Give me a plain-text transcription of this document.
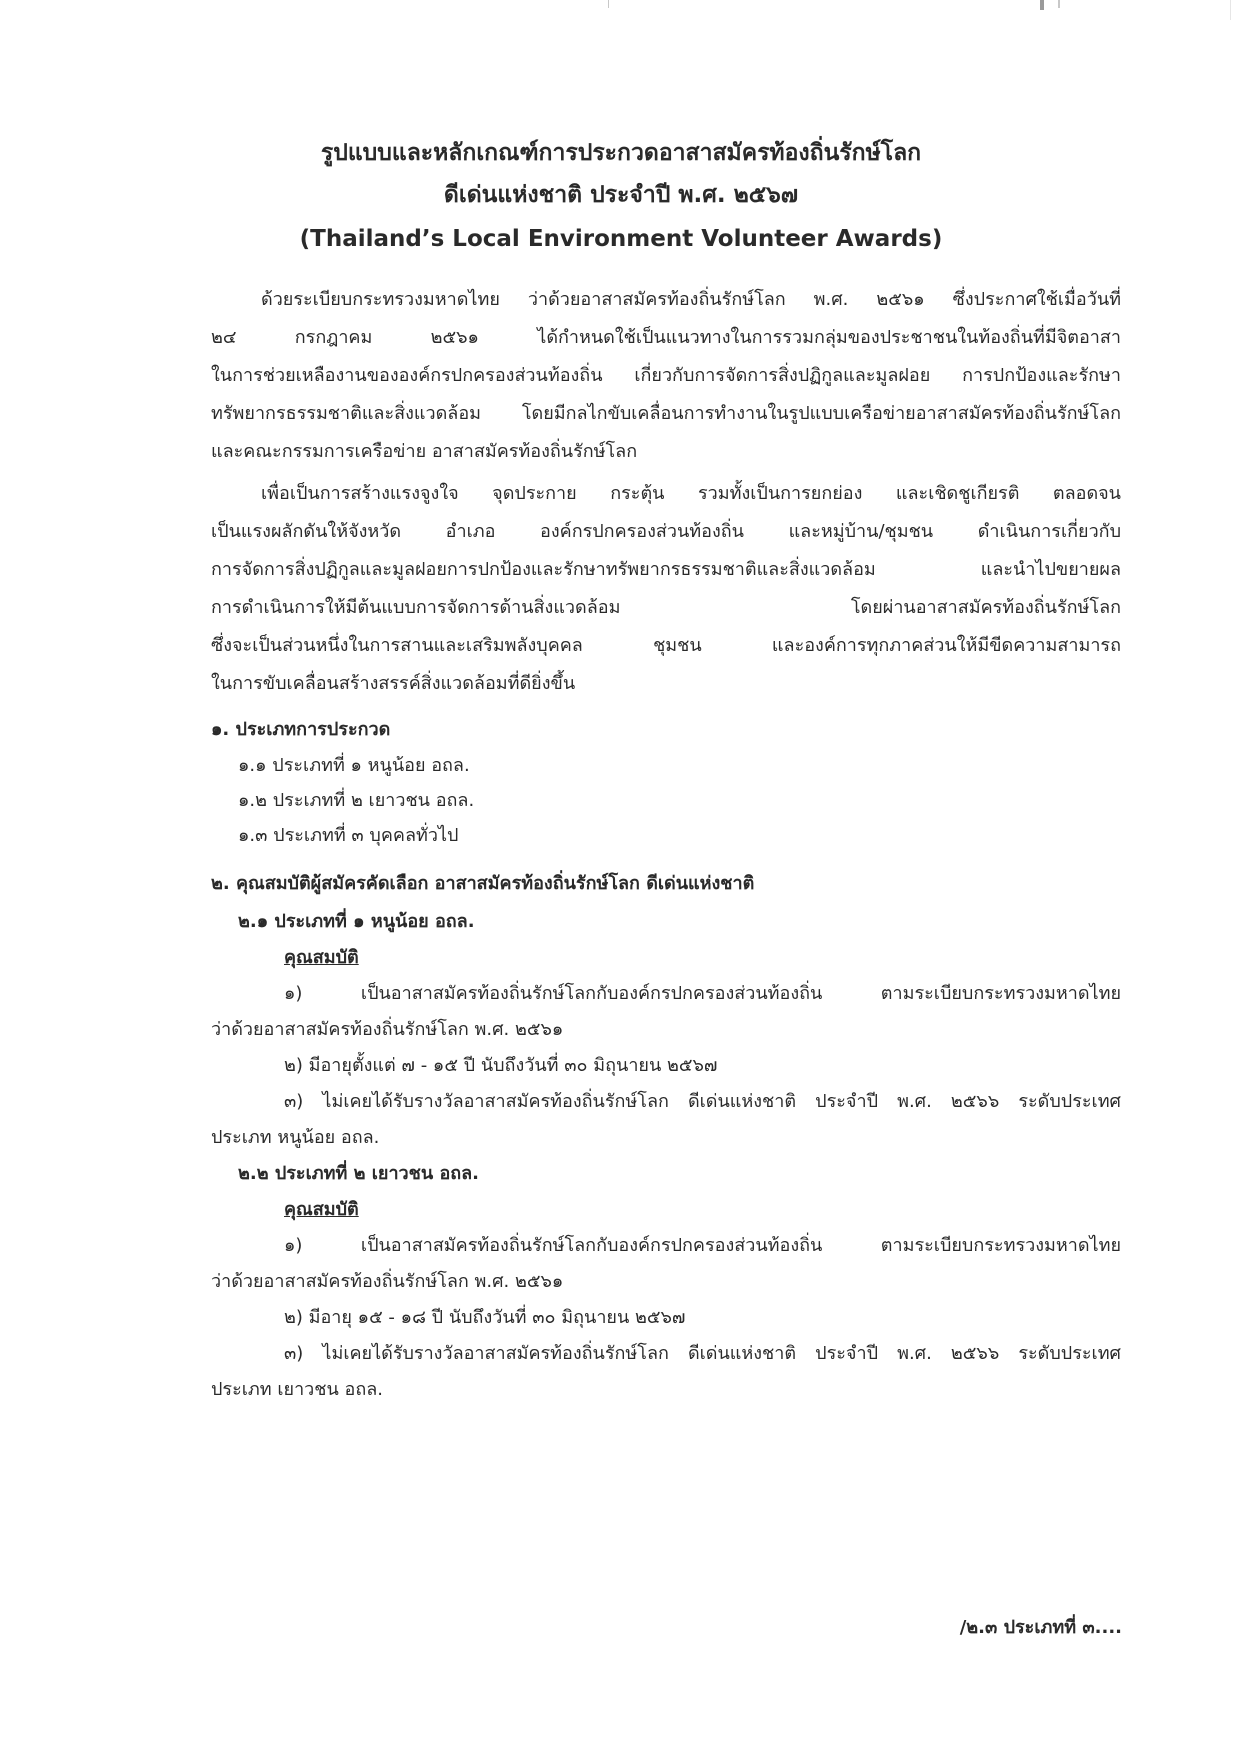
รูปแบบและหลักเกณฑ์การประกวดอาสาสมัครท้องถิ่นรักษ์โลก
ดีเด่นแห่งชาติ ประจำปี พ.ศ. ๒๕๖๗
(Thailand’s Local Environment Volunteer Awards)
ด้วยระเบียบกระทรวงมหาดไทย ว่าด้วยอาสาสมัครท้องถิ่นรักษ์โลก พ.ศ. ๒๕๖๑ ซึ่งประกาศใช้เมื่อวันที่
๒๔ กรกฎาคม ๒๕๖๑ ได้กำหนดใช้เป็นแนวทางในการรวมกลุ่มของประชาชนในท้องถิ่นที่มีจิตอาสา
ในการช่วยเหลืองานขององค์กรปกครองส่วนท้องถิ่น เกี่ยวกับการจัดการสิ่งปฏิกูลและมูลฝอย การปกป้องและรักษา
ทรัพยากรธรรมชาติและสิ่งแวดล้อม โดยมีกลไกขับเคลื่อนการทำงานในรูปแบบเครือข่ายอาสาสมัครท้องถิ่นรักษ์โลก
และคณะกรรมการเครือข่าย อาสาสมัครท้องถิ่นรักษ์โลก
เพื่อเป็นการสร้างแรงจูงใจ จุดประกาย กระตุ้น รวมทั้งเป็นการยกย่อง และเชิดชูเกียรติ ตลอดจน
เป็นแรงผลักดันให้จังหวัด อำเภอ องค์กรปกครองส่วนท้องถิ่น และหมู่บ้าน/ชุมชน ดำเนินการเกี่ยวกับ
การจัดการสิ่งปฏิกูลและมูลฝอยการปกป้องและรักษาทรัพยากรธรรมชาติและสิ่งแวดล้อม และนำไปขยายผล
การดำเนินการให้มีต้นแบบการจัดการด้านสิ่งแวดล้อม โดยผ่านอาสาสมัครท้องถิ่นรักษ์โลก
ซึ่งจะเป็นส่วนหนึ่งในการสานและเสริมพลังบุคคล ชุมชน และองค์การทุกภาคส่วนให้มีขีดความสามารถ
ในการขับเคลื่อนสร้างสรรค์สิ่งแวดล้อมที่ดียิ่งขึ้น
๑. ประเภทการประกวด
๑.๑ ประเภทที่ ๑ หนูน้อย อถล.
๑.๒ ประเภทที่ ๒ เยาวชน อถล.
๑.๓ ประเภทที่ ๓ บุคคลทั่วไป
๒. คุณสมบัติผู้สมัครคัดเลือก อาสาสมัครท้องถิ่นรักษ์โลก ดีเด่นแห่งชาติ
๒.๑ ประเภทที่ ๑ หนูน้อย อถล.
คุณสมบัติ
๑) เป็นอาสาสมัครท้องถิ่นรักษ์โลกกับองค์กรปกครองส่วนท้องถิ่น ตามระเบียบกระทรวงมหาดไทย
ว่าด้วยอาสาสมัครท้องถิ่นรักษ์โลก พ.ศ. ๒๕๖๑
๒) มีอายุตั้งแต่ ๗ - ๑๕ ปี นับถึงวันที่ ๓๐ มิถุนายน ๒๕๖๗
๓) ไม่เคยได้รับรางวัลอาสาสมัครท้องถิ่นรักษ์โลก ดีเด่นแห่งชาติ ประจำปี พ.ศ. ๒๕๖๖ ระดับประเทศ
ประเภท หนูน้อย อถล.
๒.๒ ประเภทที่ ๒ เยาวชน อถล.
คุณสมบัติ
๑) เป็นอาสาสมัครท้องถิ่นรักษ์โลกกับองค์กรปกครองส่วนท้องถิ่น ตามระเบียบกระทรวงมหาดไทย
ว่าด้วยอาสาสมัครท้องถิ่นรักษ์โลก พ.ศ. ๒๕๖๑
๒) มีอายุ ๑๕ - ๑๘ ปี นับถึงวันที่ ๓๐ มิถุนายน ๒๕๖๗
๓) ไม่เคยได้รับรางวัลอาสาสมัครท้องถิ่นรักษ์โลก ดีเด่นแห่งชาติ ประจำปี พ.ศ. ๒๕๖๖ ระดับประเทศ
ประเภท เยาวชน อถล.
/๒.๓ ประเภทที่ ๓....
